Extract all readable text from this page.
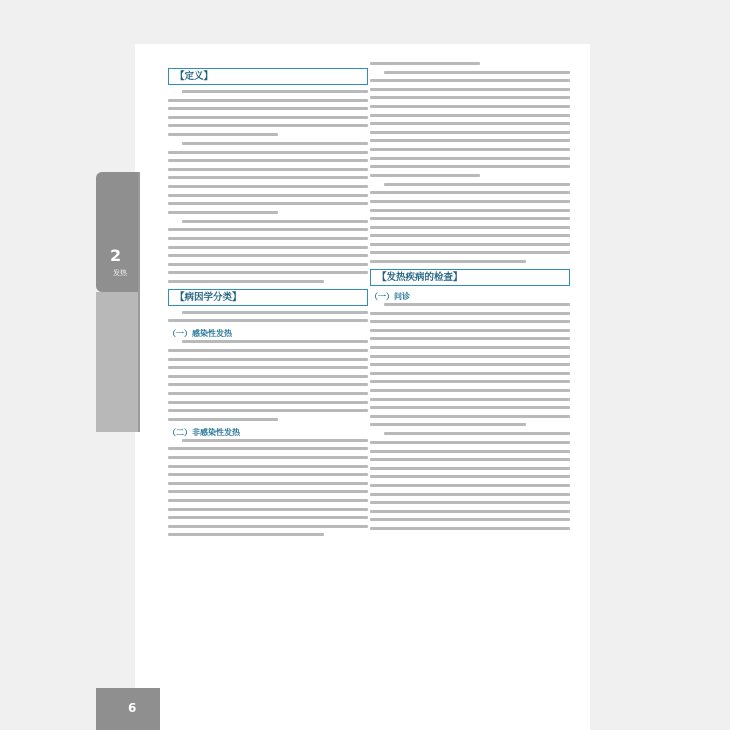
2
发热
6
【定义】
【病因学分类】
（一）感染性发热
（二）非感染性发热
【发热疾病的检查】
（一）问诊
